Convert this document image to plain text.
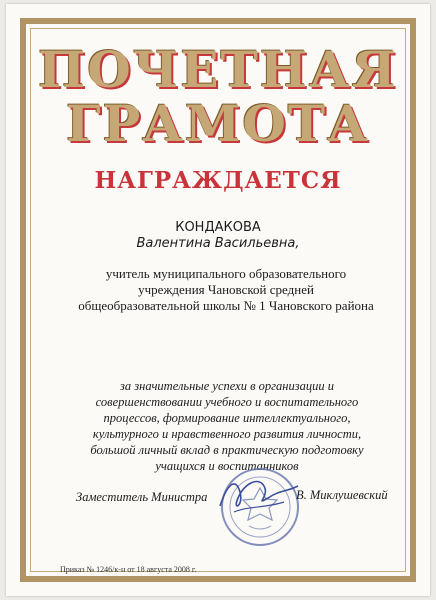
ПОЧЕТНАЯ
ГРАМОТА
НАГРАЖДАЕТСЯ
КОНДАКОВА
Валентина Васильевна,
учитель муниципального образовательного учреждения Чановской средней общеобразовательной школы № 1 Чановского района
за значительные успехи в организации и совершенствовании учебного и воспитательного процессов, формирование интеллектуального, культурного и нравственного развития личности, большой личный вклад в практическую подготовку учащихся и воспитанников
Заместитель Министра	В. Миклушевский
Приказ № 1246/к-н от 18 августа 2008 г.
